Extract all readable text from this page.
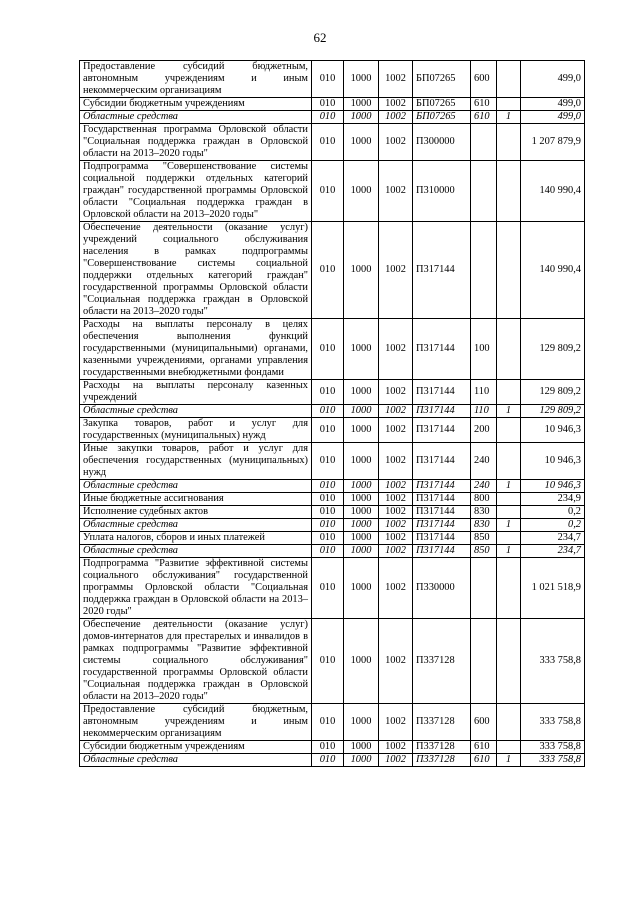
62
Предоставление субсидий бюджетным, автономным учреждениям и иным некоммерческим организациям	010	1000	1002	БП07265	600		499,0
Субсидии бюджетным учреждениям	010	1000	1002	БП07265	610		499,0
Областные средства	010	1000	1002	БП07265	610	1	499,0
Государственная программа Орловской области "Социальная поддержка граждан в Орловской области на 2013–2020 годы"	010	1000	1002	П300000			1 207 879,9
Подпрограмма "Совершенствование системы социальной поддержки отдельных категорий граждан" государственной программы Орловской области "Социальная поддержка граждан в Орловской области на 2013–2020 годы"	010	1000	1002	П310000			140 990,4
Обеспечение деятельности (оказание услуг) учреждений социального обслуживания населения в рамках подпрограммы "Совершенствование системы социальной поддержки отдельных категорий граждан" государственной программы Орловской области "Социальная поддержка граждан в Орловской области на 2013–2020 годы"	010	1000	1002	П317144			140 990,4
Расходы на выплаты персоналу в целях обеспечения выполнения функций государственными (муниципальными) органами, казенными учреждениями, органами управления государственными внебюджетными фондами	010	1000	1002	П317144	100		129 809,2
Расходы на выплаты персоналу казенных учреждений	010	1000	1002	П317144	110		129 809,2
Областные средства	010	1000	1002	П317144	110	1	129 809,2
Закупка товаров, работ и услуг для государственных (муниципальных) нужд	010	1000	1002	П317144	200		10 946,3
Иные закупки товаров, работ и услуг для обеспечения государственных (муниципальных) нужд	010	1000	1002	П317144	240		10 946,3
Областные средства	010	1000	1002	П317144	240	1	10 946,3
Иные бюджетные ассигнования	010	1000	1002	П317144	800		234,9
Исполнение судебных актов	010	1000	1002	П317144	830		0,2
Областные средства	010	1000	1002	П317144	830	1	0,2
Уплата налогов, сборов и иных платежей	010	1000	1002	П317144	850		234,7
Областные средства	010	1000	1002	П317144	850	1	234,7
Подпрограмма "Развитие эффективной системы социального обслуживания" государственной программы Орловской области "Социальная поддержка граждан в Орловской области на 2013–2020 годы"	010	1000	1002	П330000			1 021 518,9
Обеспечение деятельности (оказание услуг) домов-интернатов для престарелых и инвалидов в рамках подпрограммы "Развитие эффективной системы социального обслуживания" государственной программы Орловской области "Социальная поддержка граждан в Орловской области на 2013–2020 годы"	010	1000	1002	П337128			333 758,8
Предоставление субсидий бюджетным, автономным учреждениям и иным некоммерческим организациям	010	1000	1002	П337128	600		333 758,8
Субсидии бюджетным учреждениям	010	1000	1002	П337128	610		333 758,8
Областные средства	010	1000	1002	П337128	610	1	333 758,8
